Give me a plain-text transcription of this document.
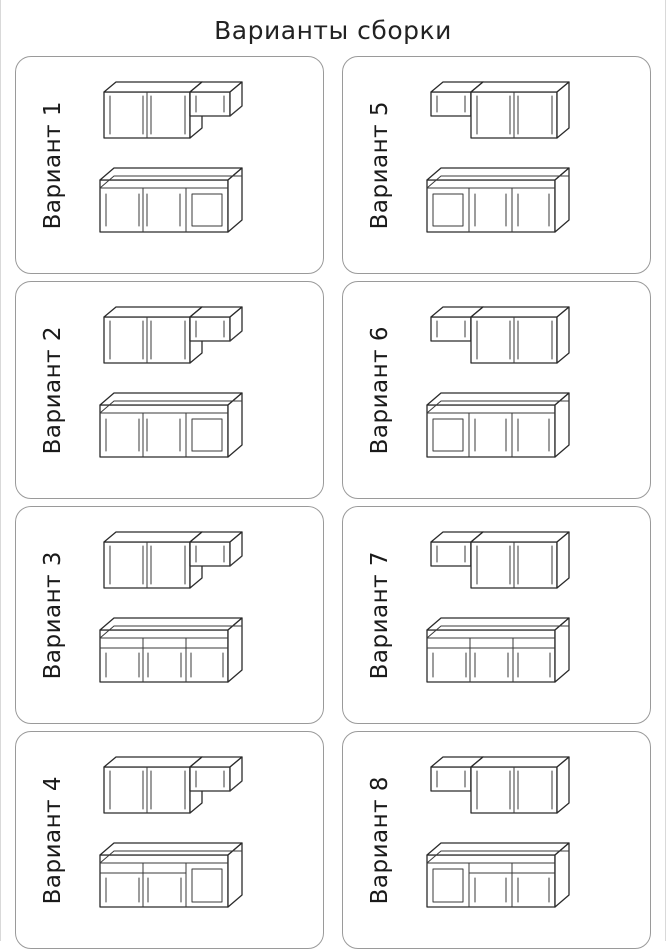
Варианты сборки
Вариант 1	Вариант 5
Вариант 2	Вариант 6
Вариант 3	Вариант 7
Вариант 4	Вариант 8
